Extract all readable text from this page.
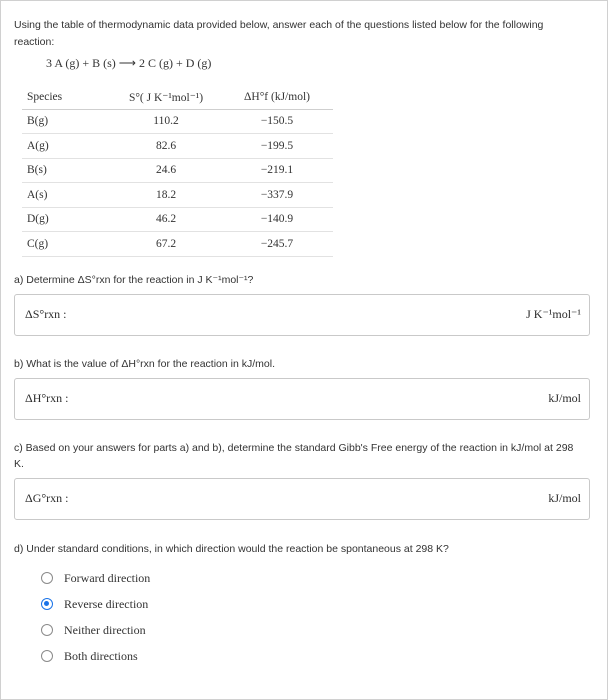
Using the table of thermodynamic data provided below, answer each of the questions listed below for the following reaction:
3 A (g) + B (s) ⟶ 2 C (g) + D (g)
Species	S°( J K⁻¹mol⁻¹)	ΔH°f (kJ/mol)
B(g)	110.2	−150.5
A(g)	82.6	−199.5
B(s)	24.6	−219.1
A(s)	18.2	−337.9
D(g)	46.2	−140.9
C(g)	67.2	−245.7
a) Determine ΔS°rxn for the reaction in J K⁻¹mol⁻¹?
ΔS°rxn :	J K⁻¹mol⁻¹
b) What is the value of ΔH°rxn for the reaction in kJ/mol.
ΔH°rxn :	kJ/mol
c) Based on your answers for parts a) and b), determine the standard Gibb's Free energy of the reaction in kJ/mol at 298 K.
ΔG°rxn :	kJ/mol
d) Under standard conditions, in which direction would the reaction be spontaneous at 298 K?
Forward direction
Reverse direction
Neither direction
Both directions
